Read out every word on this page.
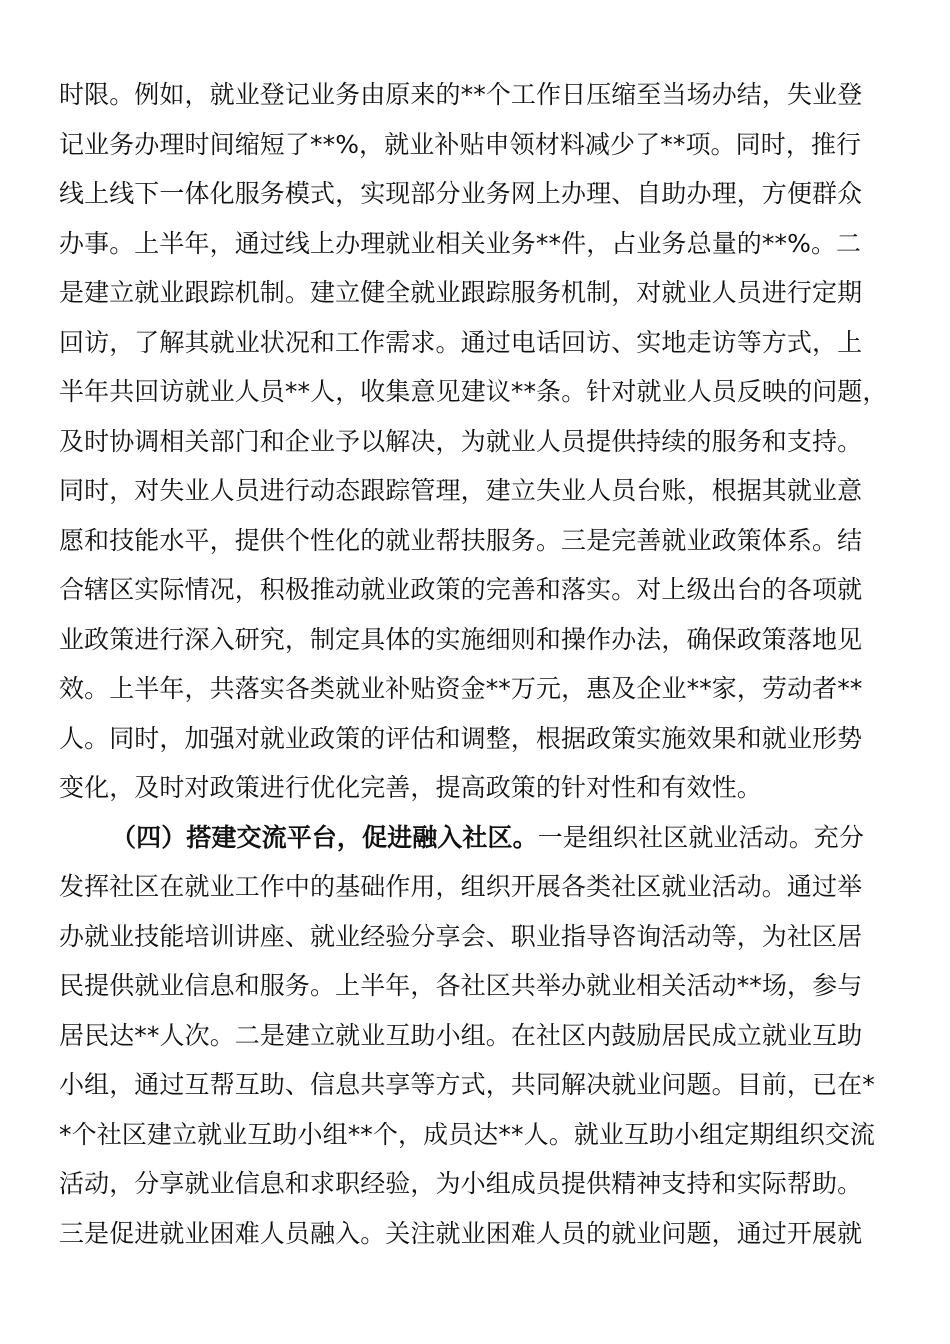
时限。例如，就业登记业务由原来的**个工作日压缩至当场办结，失业登
记业务办理时间缩短了**%，就业补贴申领材料减少了**项。同时，推行
线上线下一体化服务模式，实现部分业务网上办理、自助办理，方便群众
办事。上半年，通过线上办理就业相关业务**件，占业务总量的**%。二
是建立就业跟踪机制。建立健全就业跟踪服务机制，对就业人员进行定期
回访，了解其就业状况和工作需求。通过电话回访、实地走访等方式，上
半年共回访就业人员**人，收集意见建议**条。针对就业人员反映的问题，
及时协调相关部门和企业予以解决，为就业人员提供持续的服务和支持。
同时，对失业人员进行动态跟踪管理，建立失业人员台账，根据其就业意
愿和技能水平，提供个性化的就业帮扶服务。三是完善就业政策体系。结
合辖区实际情况，积极推动就业政策的完善和落实。对上级出台的各项就
业政策进行深入研究，制定具体的实施细则和操作办法，确保政策落地见
效。上半年，共落实各类就业补贴资金**万元，惠及企业**家，劳动者**
人。同时，加强对就业政策的评估和调整，根据政策实施效果和就业形势
变化，及时对政策进行优化完善，提高政策的针对性和有效性。
（四）搭建交流平台，促进融入社区。一是组织社区就业活动。充分
发挥社区在就业工作中的基础作用，组织开展各类社区就业活动。通过举
办就业技能培训讲座、就业经验分享会、职业指导咨询活动等，为社区居
民提供就业信息和服务。上半年，各社区共举办就业相关活动**场，参与
居民达**人次。二是建立就业互助小组。在社区内鼓励居民成立就业互助
小组，通过互帮互助、信息共享等方式，共同解决就业问题。目前，已在*
*个社区建立就业互助小组**个，成员达**人。就业互助小组定期组织交流
活动，分享就业信息和求职经验，为小组成员提供精神支持和实际帮助。
三是促进就业困难人员融入。关注就业困难人员的就业问题，通过开展就
